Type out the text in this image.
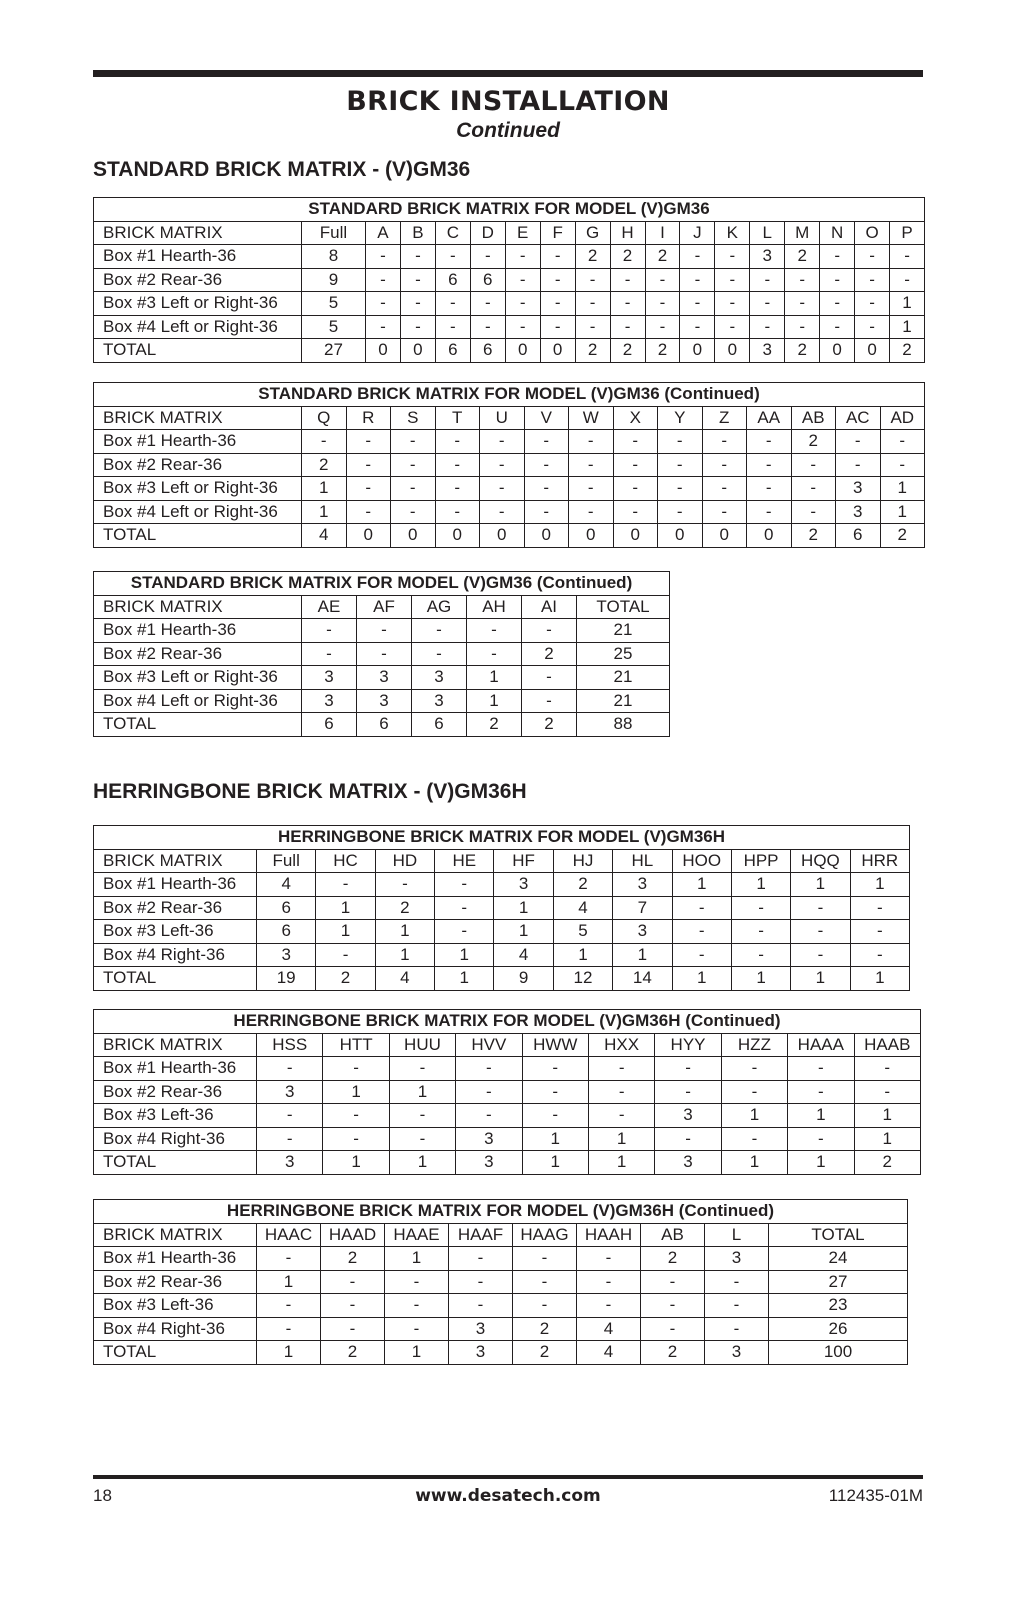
BRICK INSTALLATION
Continued
STANDARD BRICK MATRIX - (V)GM36
STANDARD BRICK MATRIX FOR MODEL (V)GM36																	
BRICK MATRIX	Full	A	B	C	D	E	F	G	H	I	J	K	L	M	N	O	P
Box #1 Hearth-36	8	-	-	-	-	-	-	2	2	2	-	-	3	2	-	-	-
Box #2 Rear-36	9	-	-	6	6	-	-	-	-	-	-	-	-	-	-	-	-
Box #3 Left or Right-36	5	-	-	-	-	-	-	-	-	-	-	-	-	-	-	-	1
Box #4 Left or Right-36	5	-	-	-	-	-	-	-	-	-	-	-	-	-	-	-	1
TOTAL	27	0	0	6	6	0	0	2	2	2	0	0	3	2	0	0	2
STANDARD BRICK MATRIX FOR MODEL (V)GM36 (Continued)														
BRICK MATRIX	Q	R	S	T	U	V	W	X	Y	Z	AA	AB	AC	AD
Box #1 Hearth-36	-	-	-	-	-	-	-	-	-	-	-	2	-	-
Box #2 Rear-36	2	-	-	-	-	-	-	-	-	-	-	-	-	-
Box #3 Left or Right-36	1	-	-	-	-	-	-	-	-	-	-	-	3	1
Box #4 Left or Right-36	1	-	-	-	-	-	-	-	-	-	-	-	3	1
TOTAL	4	0	0	0	0	0	0	0	0	0	0	2	6	2
STANDARD BRICK MATRIX FOR MODEL (V)GM36 (Continued)						
BRICK MATRIX	AE	AF	AG	AH	AI	TOTAL
Box #1 Hearth-36	-	-	-	-	-	21
Box #2 Rear-36	-	-	-	-	2	25
Box #3 Left or Right-36	3	3	3	1	-	21
Box #4 Left or Right-36	3	3	3	1	-	21
TOTAL	6	6	6	2	2	88
HERRINGBONE BRICK MATRIX - (V)GM36H
HERRINGBONE BRICK MATRIX FOR MODEL (V)GM36H											
BRICK MATRIX	Full	HC	HD	HE	HF	HJ	HL	HOO	HPP	HQQ	HRR
Box #1 Hearth-36	4	-	-	-	3	2	3	1	1	1	1
Box #2 Rear-36	6	1	2	-	1	4	7	-	-	-	-
Box #3 Left-36	6	1	1	-	1	5	3	-	-	-	-
Box #4 Right-36	3	-	1	1	4	1	1	-	-	-	-
TOTAL	19	2	4	1	9	12	14	1	1	1	1
HERRINGBONE BRICK MATRIX FOR MODEL (V)GM36H (Continued)										
BRICK MATRIX	HSS	HTT	HUU	HVV	HWW	HXX	HYY	HZZ	HAAA	HAAB
Box #1 Hearth-36	-	-	-	-	-	-	-	-	-	-
Box #2 Rear-36	3	1	1	-	-	-	-	-	-	-
Box #3 Left-36	-	-	-	-	-	-	3	1	1	1
Box #4 Right-36	-	-	-	3	1	1	-	-	-	1
TOTAL	3	1	1	3	1	1	3	1	1	2
HERRINGBONE BRICK MATRIX FOR MODEL (V)GM36H (Continued)									
BRICK MATRIX	HAAC	HAAD	HAAE	HAAF	HAAG	HAAH	AB	L	TOTAL
Box #1 Hearth-36	-	2	1	-	-	-	2	3	24
Box #2 Rear-36	1	-	-	-	-	-	-	-	27
Box #3 Left-36	-	-	-	-	-	-	-	-	23
Box #4 Right-36	-	-	-	3	2	4	-	-	26
TOTAL	1	2	1	3	2	4	2	3	100
18	www.desatech.com	112435-01M
